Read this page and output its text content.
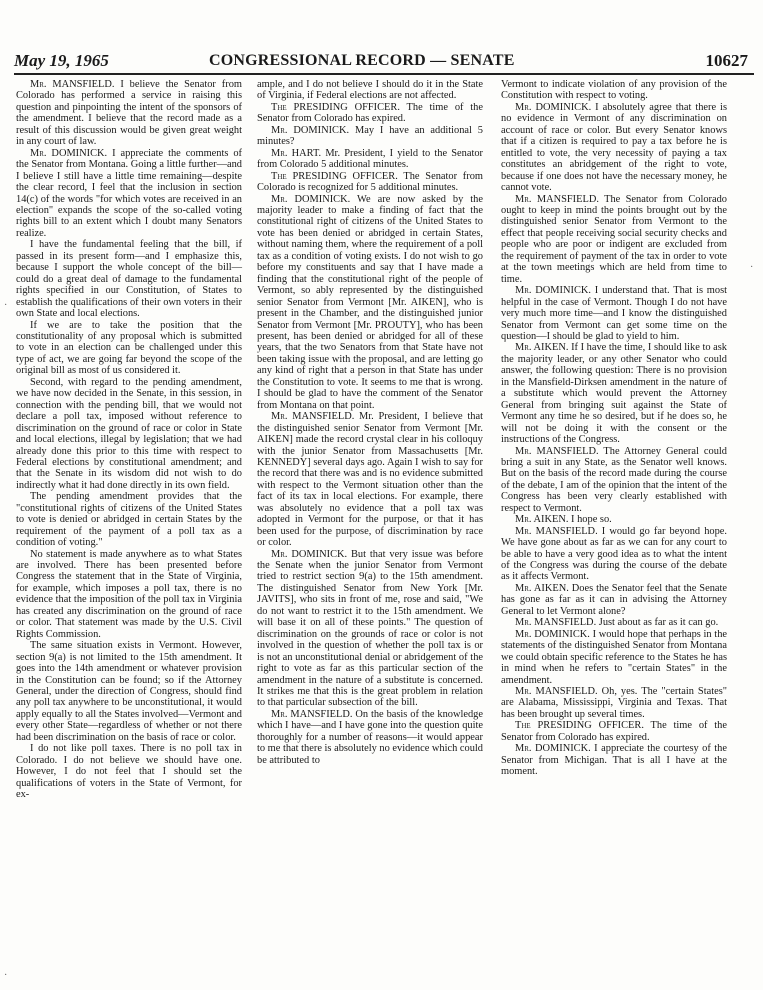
May 19, 1965	CONGRESSIONAL RECORD — SENATE	10627

Mr. MANSFIELD. I believe the Senator from Colorado has performed a service in raising this question and pinpointing the intent of the sponsors of the amendment. I believe that the record made as a result of this discussion would be given great weight in any court of law.

Mr. DOMINICK. I appreciate the comments of the Senator from Montana. Going a little further—and I believe I still have a little time remaining—despite the clear record, I feel that the inclusion in section 14(c) of the words "for which votes are received in an election" expands the scope of the so-called voting rights bill to an extent which I doubt many Senators realize.

I have the fundamental feeling that the bill, if passed in its present form—and I emphasize this, because I support the whole concept of the bill—could do a great deal of damage to the fundamental rights specified in our Constitution, of States to establish the qualifications of their own voters in their own State and local elections.

If we are to take the position that the constitutionality of any proposal which is submitted to vote in an election can be challenged under this type of act, we are going far beyond the scope of the original bill as most of us considered it.

Second, with regard to the pending amendment, we have now decided in the Senate, in this session, in connection with the pending bill, that we would not declare a poll tax, imposed without reference to discrimination on the ground of race or color in State and local elections, illegal by legislation; that we had already done this prior to this time with respect to Federal elections by constitutional amendment; and that the Senate in its wisdom did not wish to do indirectly what it had done directly in its own field.

The pending amendment provides that the "constitutional rights of citizens of the United States to vote is denied or abridged in certain States by the requirement of the payment of a poll tax as a condition of voting."

No statement is made anywhere as to what States are involved. There has been presented before Congress the statement that in the State of Virginia, for example, which imposes a poll tax, there is no evidence that the imposition of the poll tax in Virginia has created any discrimination on the ground of race or color. That statement was made by the U.S. Civil Rights Commission.

The same situation exists in Vermont. However, section 9(a) is not limited to the 15th amendment. It goes into the 14th amendment or whatever provision in the Constitution can be found; so if the Attorney General, under the direction of Congress, should find any poll tax anywhere to be unconstitutional, it would apply equally to all the States involved—Vermont and every other State—regardless of whether or not there had been discrimination on the basis of race or color.

I do not like poll taxes. There is no poll tax in Colorado. I do not believe we should have one. However, I do not feel that I should set the qualifications of voters in the State of Vermont, for ex-

ample, and I do not believe I should do it in the State of Virginia, if Federal elections are not affected.

The PRESIDING OFFICER. The time of the Senator from Colorado has expired.

Mr. DOMINICK. May I have an additional 5 minutes?

Mr. HART. Mr. President, I yield to the Senator from Colorado 5 additional minutes.

The PRESIDING OFFICER. The Senator from Colorado is recognized for 5 additional minutes.

Mr. DOMINICK. We are now asked by the majority leader to make a finding of fact that the constitutional right of citizens of the United States to vote has been denied or abridged in certain States, without naming them, where the requirement of a poll tax as a condition of voting exists. I do not wish to go before my constituents and say that I have made a finding that the constitutional right of the people of Vermont, so ably represented by the distinguished senior Senator from Vermont [Mr. AIKEN], who is present in the Chamber, and the distinguished junior Senator from Vermont [Mr. PROUTY], who has been present, has been denied or abridged for all of these years, that the two Senators from that State have not been taking issue with the proposal, and are letting go any kind of right that a person in that State has under the Constitution to vote. It seems to me that is wrong. I should be glad to have the comment of the Senator from Montana on that point.

Mr. MANSFIELD. Mr. President, I believe that the distinguished senior Senator from Vermont [Mr. AIKEN] made the record crystal clear in his colloquy with the junior Senator from Massachusetts [Mr. KENNEDY] several days ago. Again I wish to say for the record that there was and is no evidence submitted with respect to the Vermont situation other than the fact of its tax in local elections. For example, there was absolutely no evidence that a poll tax was adopted in Vermont for the purpose, or that it has been used for the purpose, of discrimination by race or color.

Mr. DOMINICK. But that very issue was before the Senate when the junior Senator from Vermont tried to restrict section 9(a) to the 15th amendment. The distinguished Senator from New York [Mr. JAVITS], who sits in front of me, rose and said, "We do not want to restrict it to the 15th amendment. We will base it on all of these points." The question of discrimination on the grounds of race or color is not involved in the question of whether the poll tax is or is not an unconstitutional denial or abridgement of the right to vote as far as this particular section of the amendment in the nature of a substitute is concerned. It strikes me that this is the great problem in relation to that particular subsection of the bill.

Mr. MANSFIELD. On the basis of the knowledge which I have—and I have gone into the question quite thoroughly for a number of reasons—it would appear to me that there is absolutely no evidence which could be attributed to

Vermont to indicate violation of any provision of the Constitution with respect to voting.

Mr. DOMINICK. I absolutely agree that there is no evidence in Vermont of any discrimination on account of race or color. But every Senator knows that if a citizen is required to pay a tax before he is entitled to vote, the very necessity of paying a tax constitutes an abridgement of the right to vote, because if one does not have the necessary money, he cannot vote.

Mr. MANSFIELD. The Senator from Colorado ought to keep in mind the points brought out by the distinguished senior Senator from Vermont to the effect that people receiving social security checks and people who are poor or indigent are excluded from the requirement of payment of the tax in order to vote at the town meetings which are held from time to time.

Mr. DOMINICK. I understand that. That is most helpful in the case of Vermont. Though I do not have very much more time—and I know the distinguished Senator from Vermont can get some time on the question—I should be glad to yield to him.

Mr. AIKEN. If I have the time, I should like to ask the majority leader, or any other Senator who could answer, the following question: There is no provision in the Mansfield-Dirksen amendment in the nature of a substitute which would prevent the Attorney General from bringing suit against the State of Vermont any time he so desired, but if he does so, he will not be doing it with the consent or the instructions of the Congress.

Mr. MANSFIELD. The Attorney General could bring a suit in any State, as the Senator well knows. But on the basis of the record made during the course of the debate, I am of the opinion that the intent of the Congress has been very clearly established with respect to Vermont.

Mr. AIKEN. I hope so.

Mr. MANSFIELD. I would go far beyond hope. We have gone about as far as we can for any court to be able to have a very good idea as to what the intent of the Congress was during the course of the debate as it affects Vermont.

Mr. AIKEN. Does the Senator feel that the Senate has gone as far as it can in advising the Attorney General to let Vermont alone?

Mr. MANSFIELD. Just about as far as it can go.

Mr. DOMINICK. I would hope that perhaps in the statements of the distinguished Senator from Montana we could obtain specific reference to the States he has in mind when he refers to "certain States" in the amendment.

Mr. MANSFIELD. Oh, yes. The "certain States" are Alabama, Mississippi, Virginia and Texas. That has been brought up several times.

The PRESIDING OFFICER. The time of the Senator from Colorado has expired.

Mr. DOMINICK. I appreciate the courtesy of the Senator from Michigan. That is all I have at the moment.

·
·
·
